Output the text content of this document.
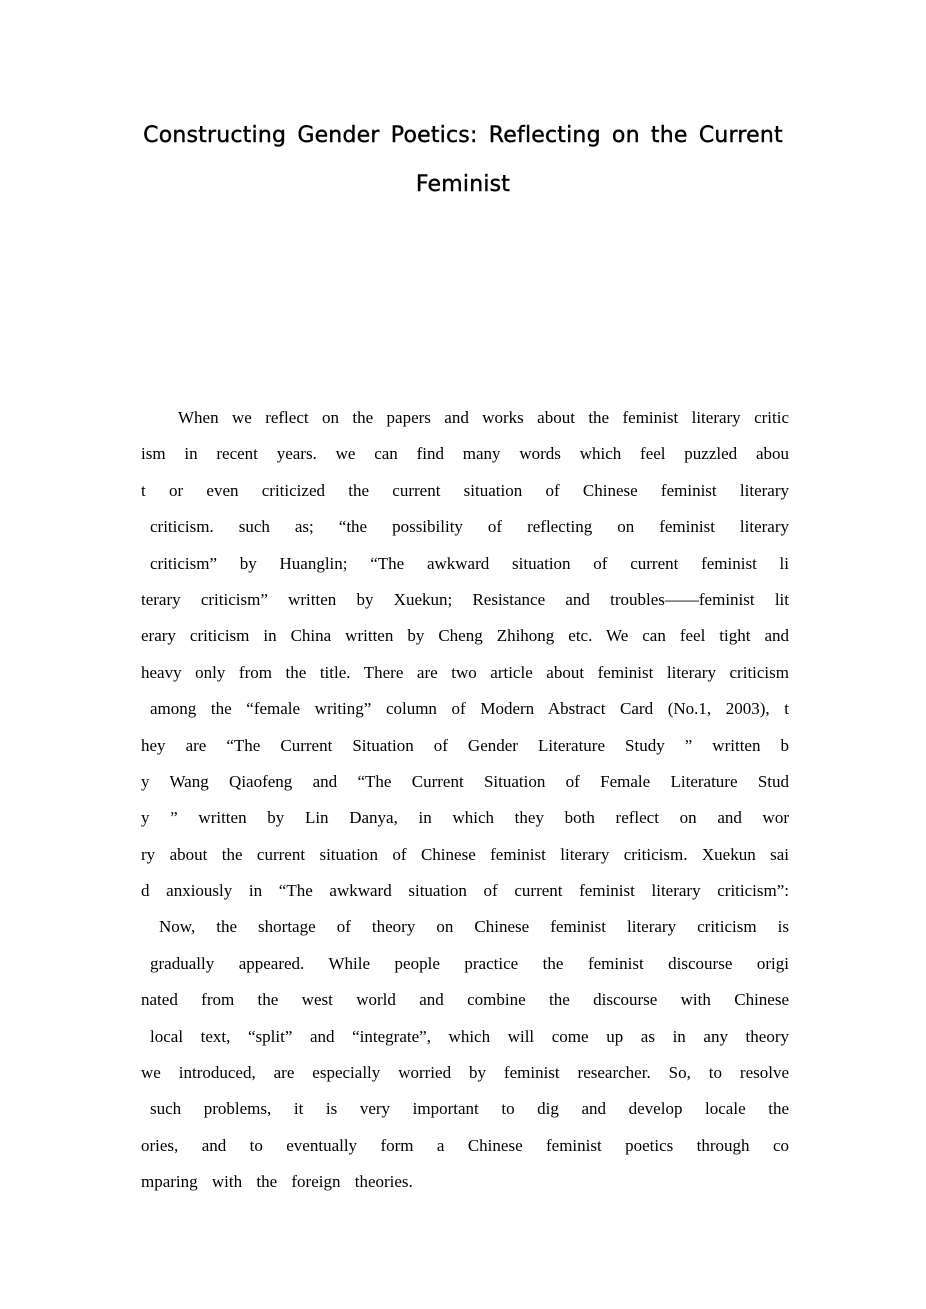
Constructing Gender Poetics: Reflecting on the Current
Feminist
When we reflect on the papers and works about the feminist literary critic
ism in recent years. we can find many words which feel puzzled abou
t or even criticized the current situation of Chinese feminist literary
criticism. such as; “the possibility of reflecting on feminist literary
criticism” by Huanglin; “The awkward situation of current feminist li
terary criticism” written by Xuekun; Resistance and troubles——feminist lit
erary criticism in China written by Cheng Zhihong etc. We can feel tight and
heavy only from the title. There are two article about feminist literary criticism
among the “female writing” column of Modern Abstract Card (No.1, 2003), t
hey are “The Current Situation of Gender Literature Study ” written b
y Wang Qiaofeng and “The Current Situation of Female Literature Stud
y ” written by Lin Danya, in which they both reflect on and wor
ry about the current situation of Chinese feminist literary criticism. Xuekun sai
d anxiously in “The awkward situation of current feminist literary criticism”:
Now, the shortage of theory on Chinese feminist literary criticism is
gradually appeared. While people practice the feminist discourse origi
nated from the west world and combine the discourse with Chinese
local text, “split” and “integrate”, which will come up as in any theory
we introduced, are especially worried by feminist researcher. So, to resolve
such problems, it is very important to dig and develop locale the
ories, and to eventually form a Chinese feminist poetics through co
mparing with the foreign theories.
